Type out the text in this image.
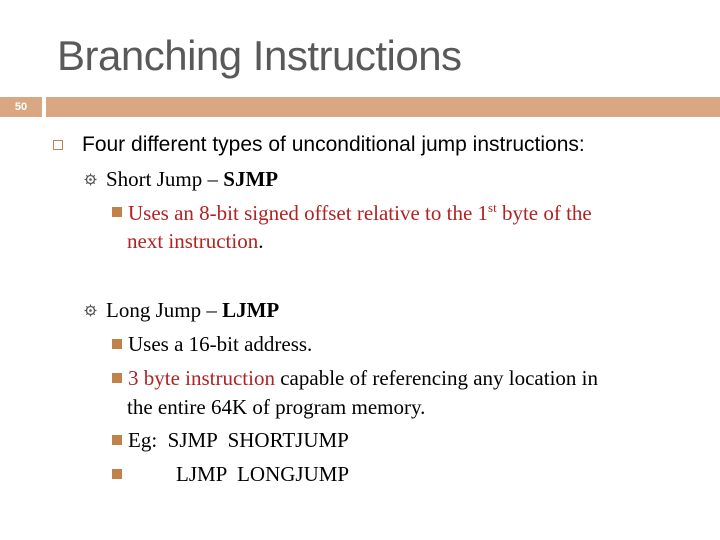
Branching Instructions
50
Four different types of unconditional jump instructions:
Short Jump – SJMP
Uses an 8-bit signed offset relative to the 1st byte of the
next instruction.
Long Jump – LJMP
Uses a 16-bit address.
3 byte instruction capable of referencing any location in
the entire 64K of program memory.
Eg:  SJMP  SHORTJUMP
LJMP  LONGJUMP
